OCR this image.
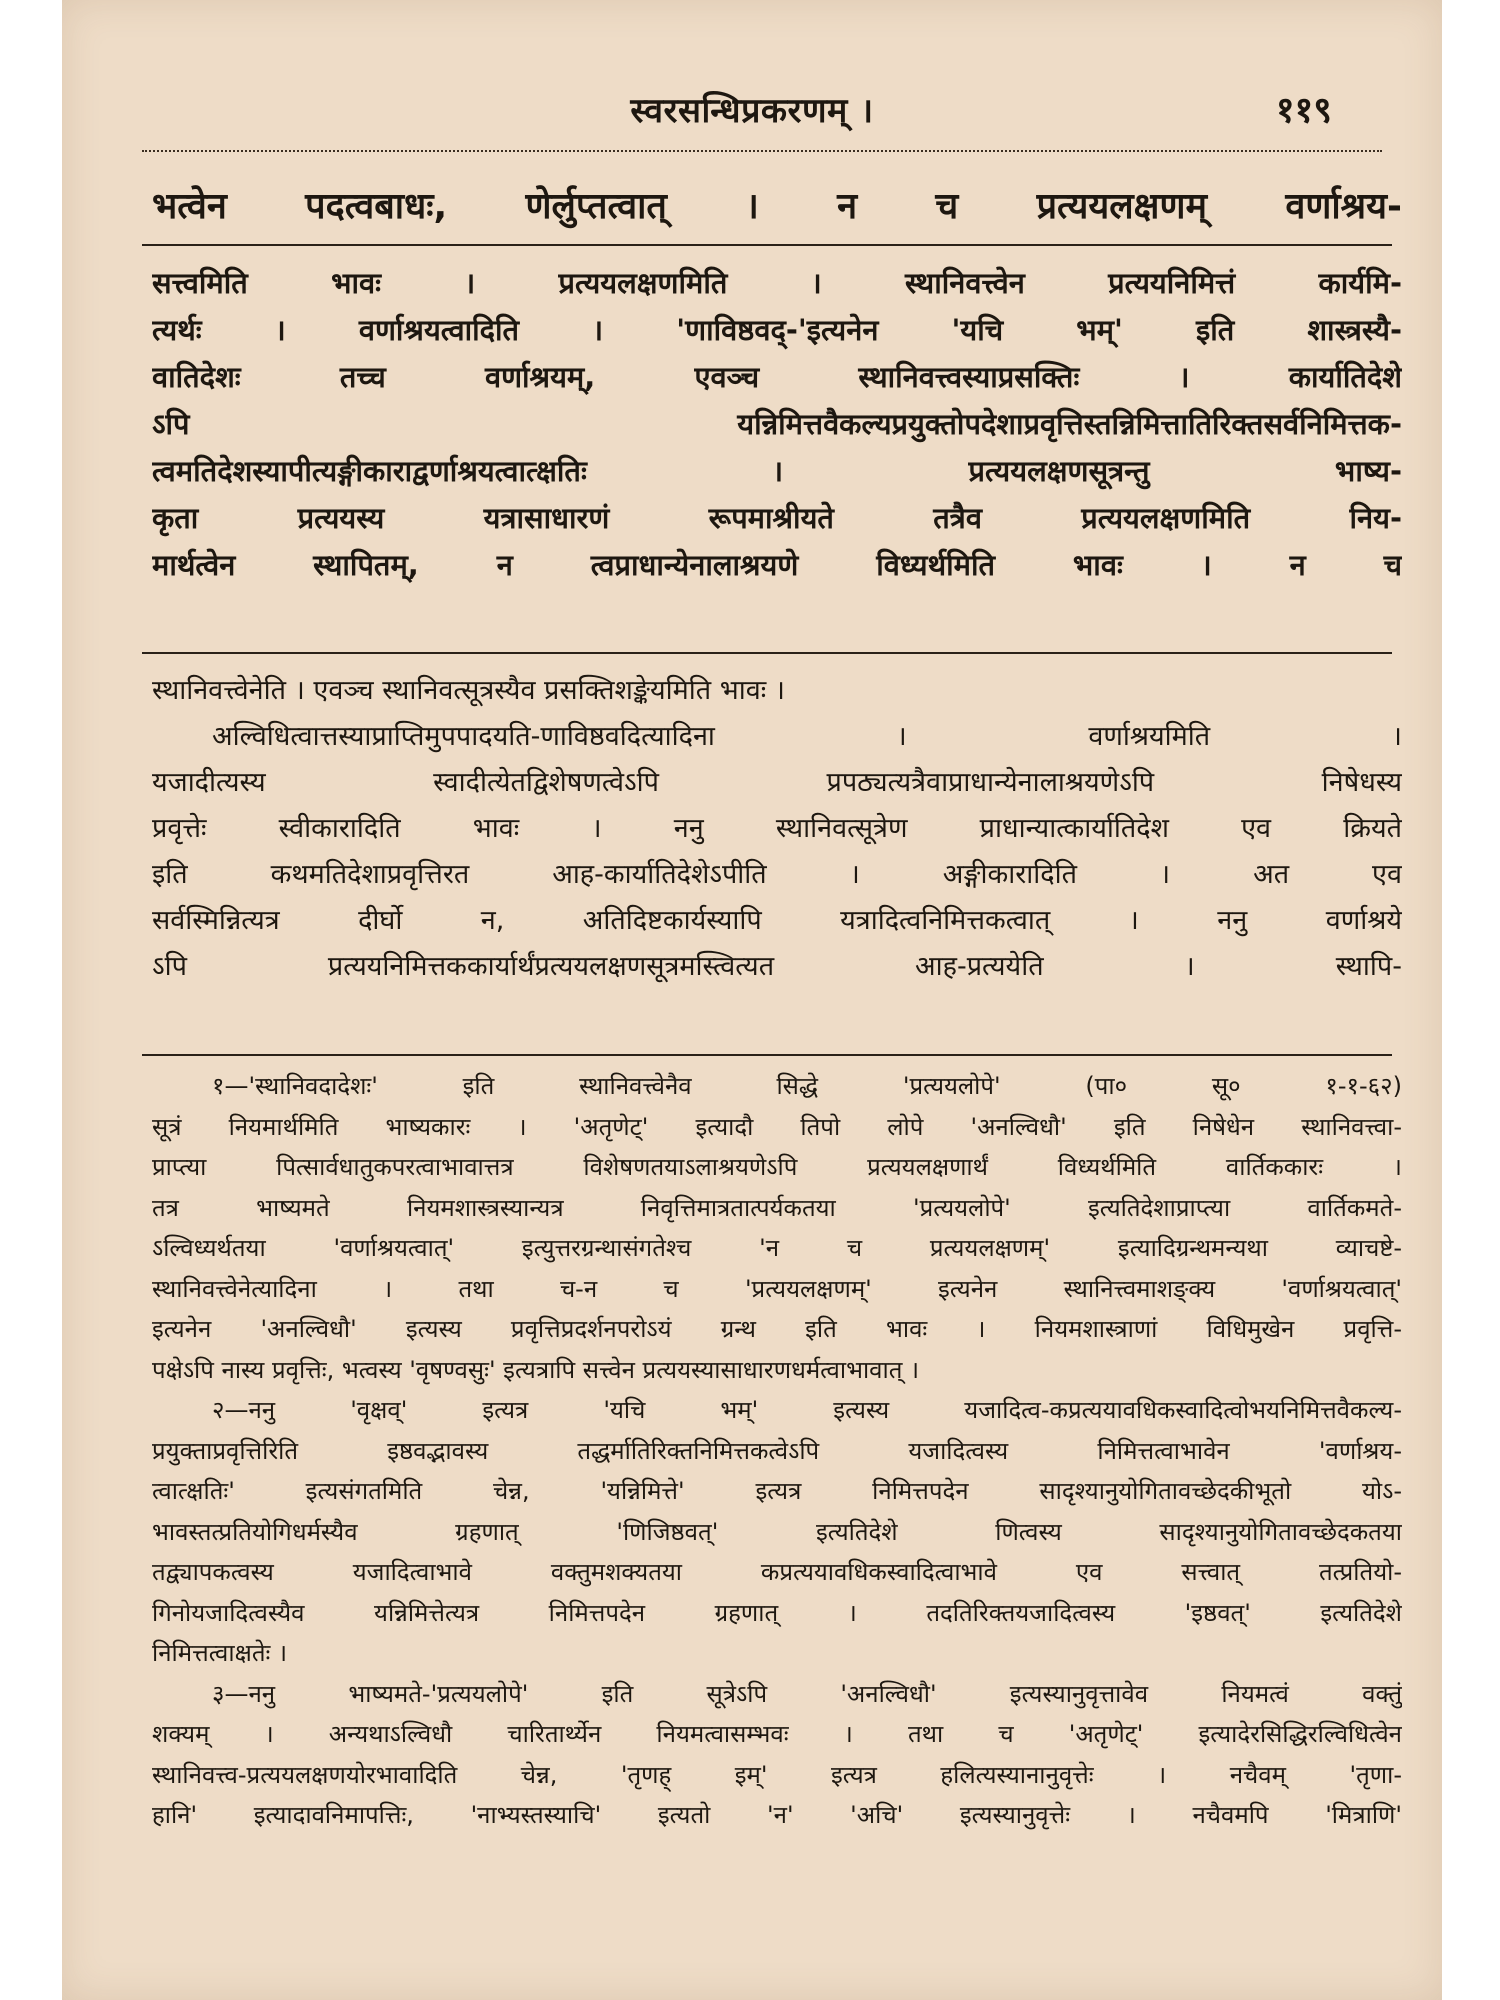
स्वरसन्धिप्रकरणम् ।	११९
भत्वेन पदत्वबाधः, णेर्लुप्तत्वात् । न च प्रत्ययलक्षणम् वर्णाश्रय-
सत्त्वमिति भावः । प्रत्ययलक्षणमिति । स्थानिवत्त्वेन प्रत्ययनिमित्तं कार्यमि-
त्यर्थः । वर्णाश्रयत्वादिति । 'णाविष्ठवद्-'इत्यनेन 'यचि भम्' इति शास्त्रस्यै-
वातिदेशः तच्च वर्णाश्रयम्, एवञ्च स्थानिवत्त्वस्याप्रसक्तिः । कार्यातिदेशे
ऽपि यन्निमित्तवैकल्यप्रयुक्तोपदेशाप्रवृत्तिस्तन्निमित्तातिरिक्तसर्वनिमित्तक-
त्वमतिदेशस्यापीत्यङ्गीकाराद्वर्णाश्रयत्वात्क्षतिः । प्रत्ययलक्षणसूत्रन्तु भाष्य-
कृता प्रत्ययस्य यत्रासाधारणं रूपमाश्रीयते तत्रैव प्रत्ययलक्षणमिति निय-
मार्थत्वेन स्थापितम्, न त्वप्राधान्येनालाश्रयणे विध्यर्थमिति भावः । न च
स्थानिवत्त्वेनेति । एवञ्च स्थानिवत्सूत्रस्यैव प्रसक्तिशङ्केयमिति भावः ।
अल्विधित्वात्तस्याप्राप्तिमुपपादयति-णाविष्ठवदित्यादिना । वर्णाश्रयमिति ।
यजादीत्यस्य स्वादीत्येतद्विशेषणत्वेऽपि प्रपठ्यत्यत्रैवाप्राधान्येनालाश्रयणेऽपि निषेधस्य
प्रवृत्तेः स्वीकारादिति भावः । ननु स्थानिवत्सूत्रेण प्राधान्यात्कार्यातिदेश एव क्रियते
इति कथमतिदेशाप्रवृत्तिरत आह-कार्यातिदेशेऽपीति । अङ्गीकारादिति । अत एव
सर्वस्मिन्नित्यत्र दीर्घो न, अतिदिष्टकार्यस्यापि यत्रादित्वनिमित्तकत्वात् । ननु वर्णाश्रये
ऽपि प्रत्ययनिमित्तककार्यार्थंप्रत्ययलक्षणसूत्रमस्त्वित्यत आह-प्रत्ययेति । स्थापि-
१—'स्थानिवदादेशः' इति स्थानिवत्त्वेनैव सिद्धे 'प्रत्ययलोपे' (पा० सू० १-१-६२)
सूत्रं नियमार्थमिति भाष्यकारः । 'अतृणेट्' इत्यादौ तिपो लोपे 'अनल्विधौ' इति निषेधेन स्थानिवत्त्वा-
प्राप्त्या पित्सार्वधातुकपरत्वाभावात्तत्र विशेषणतयाऽलाश्रयणेऽपि प्रत्ययलक्षणार्थं विध्यर्थमिति वार्तिककारः ।
तत्र भाष्यमते नियमशास्त्रस्यान्यत्र निवृत्तिमात्रतात्पर्यकतया 'प्रत्ययलोपे' इत्यतिदेशाप्राप्त्या वार्तिकमते-
ऽल्विध्यर्थतया 'वर्णाश्रयत्वात्' इत्युत्तरग्रन्थासंगतेश्च 'न च प्रत्ययलक्षणम्' इत्यादिग्रन्थमन्यथा व्याचष्टे-
स्थानिवत्त्वेनेत्यादिना । तथा च-न च 'प्रत्ययलक्षणम्' इत्यनेन स्थानित्त्वमाशङ्क्य 'वर्णाश्रयत्वात्'
इत्यनेन 'अनल्विधौ' इत्यस्य प्रवृत्तिप्रदर्शनपरोऽयं ग्रन्थ इति भावः । नियमशास्त्राणां विधिमुखेन प्रवृत्ति-
पक्षेऽपि नास्य प्रवृत्तिः, भत्वस्य 'वृषण्वसुः' इत्यत्रापि सत्त्वेन प्रत्ययस्यासाधारणधर्मत्वाभावात् ।
२—ननु 'वृक्षव्' इत्यत्र 'यचि भम्' इत्यस्य यजादित्व-कप्रत्ययावधिकस्वादित्वोभयनिमित्तवैकल्य-
प्रयुक्ताप्रवृत्तिरिति इष्ठवद्भावस्य तद्धर्मातिरिक्तनिमित्तकत्वेऽपि यजादित्वस्य निमित्तत्वाभावेन 'वर्णाश्रय-
त्वात्क्षतिः' इत्यसंगतमिति चेन्न, 'यन्निमित्ते' इत्यत्र निमित्तपदेन सादृश्यानुयोगितावच्छेदकीभूतो योऽ-
भावस्तत्प्रतियोगिधर्मस्यैव ग्रहणात् 'णिजिष्ठवत्' इत्यतिदेशे णित्वस्य सादृश्यानुयोगितावच्छेदकतया
तद्व्यापकत्वस्य यजादित्वाभावे वक्तुमशक्यतया कप्रत्ययावधिकस्वादित्वाभावे एव सत्त्वात् तत्प्रतियो-
गिनोयजादित्वस्यैव यन्निमित्तेत्यत्र निमित्तपदेन ग्रहणात् । तदतिरिक्तयजादित्वस्य 'इष्ठवत्' इत्यतिदेशे
निमित्तत्वाक्षतेः ।
३—ननु भाष्यमते-'प्रत्ययलोपे' इति सूत्रेऽपि 'अनल्विधौ' इत्यस्यानुवृत्तावेव नियमत्वं वक्तुं
शक्यम् । अन्यथाऽल्विधौ चारितार्थ्येन नियमत्वासम्भवः । तथा च 'अतृणेट्' इत्यादेरसिद्धिरल्विधित्वेन
स्थानिवत्त्व-प्रत्ययलक्षणयोरभावादिति चेन्न, 'तृणह् इम्' इत्यत्र हलित्यस्यानानुवृत्तेः । नचैवम् 'तृणा-
हानि' इत्यादावनिमापत्तिः, 'नाभ्यस्तस्याचि' इत्यतो 'न' 'अचि' इत्यस्यानुवृत्तेः । नचैवमपि 'मित्राणि'
